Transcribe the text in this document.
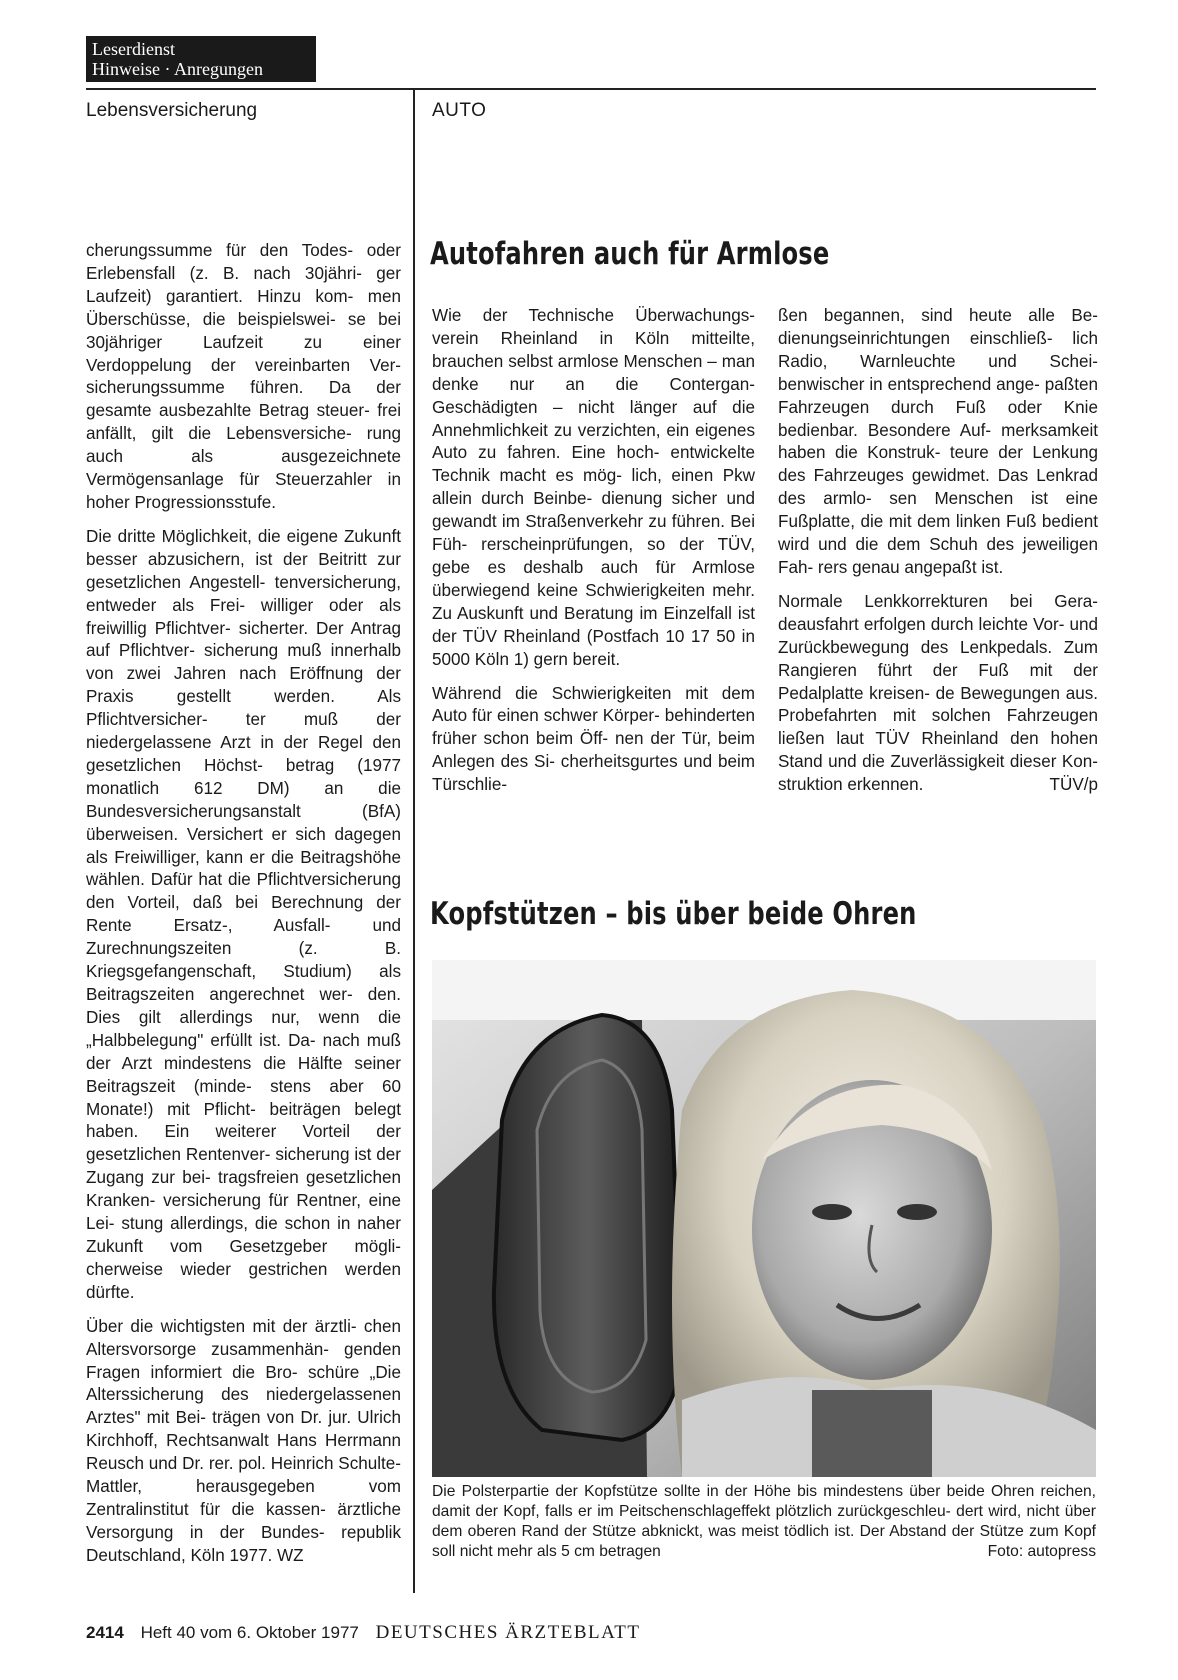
Leserdienst
Hinweise · Anregungen
Lebensversicherung	AUTO

cherungssumme für den Todes- oder Erlebensfall (z. B. nach 30jähri- ger Laufzeit) garantiert. Hinzu kom- men Überschüsse, die beispielswei- se bei 30jähriger Laufzeit zu einer Verdoppelung der vereinbarten Ver- sicherungssumme führen. Da der gesamte ausbezahlte Betrag steuer- frei anfällt, gilt die Lebensversiche- rung auch als ausgezeichnete Vermögensanlage für Steuerzahler in hoher Progressionsstufe.

Die dritte Möglichkeit, die eigene Zukunft besser abzusichern, ist der Beitritt zur gesetzlichen Angestell- tenversicherung, entweder als Frei- williger oder als freiwillig Pflichtver- sicherter. Der Antrag auf Pflichtver- sicherung muß innerhalb von zwei Jahren nach Eröffnung der Praxis gestellt werden. Als Pflichtversicher- ter muß der niedergelassene Arzt in der Regel den gesetzlichen Höchst- betrag (1977 monatlich 612 DM) an die Bundesversicherungsanstalt (BfA) überweisen. Versichert er sich dagegen als Freiwilliger, kann er die Beitragshöhe wählen. Dafür hat die Pflichtversicherung den Vorteil, daß bei Berechnung der Rente Ersatz-, Ausfall- und Zurechnungszeiten (z. B. Kriegsgefangenschaft, Studium) als Beitragszeiten angerechnet wer- den. Dies gilt allerdings nur, wenn die „Halbbelegung" erfüllt ist. Da- nach muß der Arzt mindestens die Hälfte seiner Beitragszeit (minde- stens aber 60 Monate!) mit Pflicht- beiträgen belegt haben. Ein weiterer Vorteil der gesetzlichen Rentenver- sicherung ist der Zugang zur bei- tragsfreien gesetzlichen Kranken- versicherung für Rentner, eine Lei- stung allerdings, die schon in naher Zukunft vom Gesetzgeber mögli- cherweise wieder gestrichen werden dürfte.

Über die wichtigsten mit der ärztli- chen Altersvorsorge zusammenhän- genden Fragen informiert die Bro- schüre „Die Alterssicherung des niedergelassenen Arztes" mit Bei- trägen von Dr. jur. Ulrich Kirchhoff, Rechtsanwalt Hans Herrmann Reusch und Dr. rer. pol. Heinrich Schulte-Mattler, herausgegeben vom Zentralinstitut für die kassen- ärztliche Versorgung in der Bundes- republik Deutschland, Köln 1977. WZ

Autofahren auch für Armlose

Wie der Technische Überwachungs- verein Rheinland in Köln mitteilte, brauchen selbst armlose Menschen – man denke nur an die Contergan- Geschädigten – nicht länger auf die Annehmlichkeit zu verzichten, ein eigenes Auto zu fahren. Eine hoch- entwickelte Technik macht es mög- lich, einen Pkw allein durch Beinbe- dienung sicher und gewandt im Straßenverkehr zu führen. Bei Füh- rerscheinprüfungen, so der TÜV, gebe es deshalb auch für Armlose überwiegend keine Schwierigkeiten mehr. Zu Auskunft und Beratung im Einzelfall ist der TÜV Rheinland (Postfach 10 17 50 in 5000 Köln 1) gern bereit.

Während die Schwierigkeiten mit dem Auto für einen schwer Körper- behinderten früher schon beim Öff- nen der Tür, beim Anlegen des Si- cherheitsgurtes und beim Türschlie-

ßen begannen, sind heute alle Be- dienungseinrichtungen einschließ- lich Radio, Warnleuchte und Schei- benwischer in entsprechend ange- paßten Fahrzeugen durch Fuß oder Knie bedienbar. Besondere Auf- merksamkeit haben die Konstruk- teure der Lenkung des Fahrzeuges gewidmet. Das Lenkrad des armlo- sen Menschen ist eine Fußplatte, die mit dem linken Fuß bedient wird und die dem Schuh des jeweiligen Fah- rers genau angepaßt ist.

Normale Lenkkorrekturen bei Gera- deausfahrt erfolgen durch leichte Vor- und Zurückbewegung des Lenkpedals. Zum Rangieren führt der Fuß mit der Pedalplatte kreisen- de Bewegungen aus. Probefahrten mit solchen Fahrzeugen ließen laut TÜV Rheinland den hohen Stand und die Zuverlässigkeit dieser Kon- struktion erkennen.	TÜV/p

Kopfstützen – bis über beide Ohren
Die Polsterpartie der Kopfstütze sollte in der Höhe bis mindestens über beide Ohren reichen, damit der Kopf, falls er im Peitschenschlageffekt plötzlich zurückgeschleu- dert wird, nicht über dem oberen Rand der Stütze abknickt, was meist tödlich ist. Der Abstand der Stütze zum Kopf soll nicht mehr als 5 cm betragen	Foto: autopress
2414 Heft 40 vom 6. Oktober 1977 DEUTSCHES ÄRZTEBLATT
